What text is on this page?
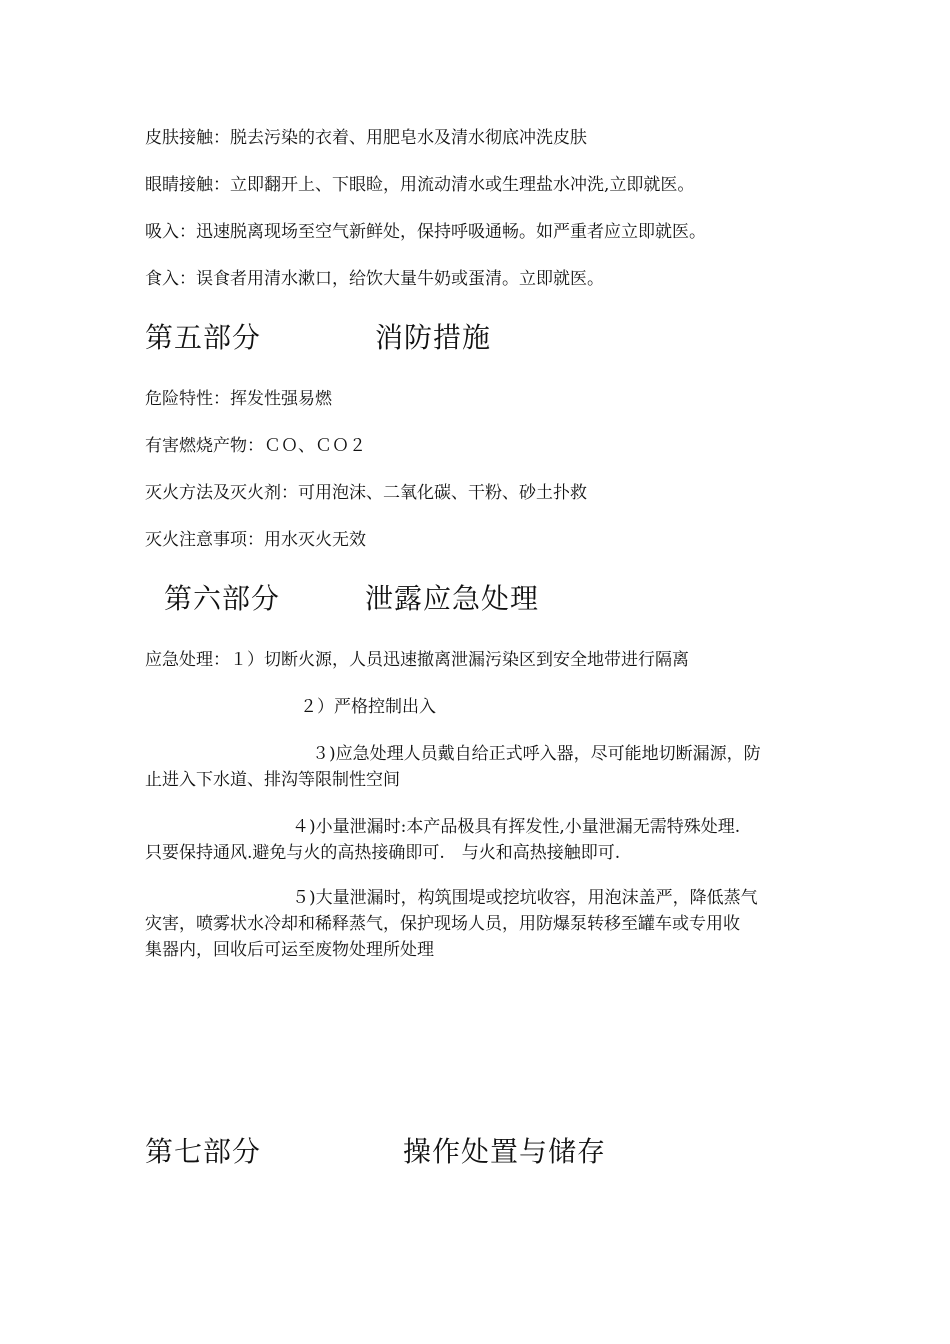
皮肤接触：脱去污染的衣着、用肥皂水及清水彻底冲洗皮肤
眼睛接触：立即翻开上、下眼睑，用流动清水或生理盐水冲洗,立即就医。
吸入：迅速脱离现场至空气新鲜处，保持呼吸通畅。如严重者应立即就医。
食入：误食者用清水漱口，给饮大量牛奶或蛋清。立即就医。
第五部分	消防措施
危险特性：挥发性强易燃
有害燃烧产物：ＣＯ、ＣＯ２
灭火方法及灭火剂：可用泡沫、二氧化碳、干粉、砂土扑救
灭火注意事项：用水灭火无效
第六部分	泄露应急处理
应急处理：１）切断火源，人员迅速撤离泄漏污染区到安全地带进行隔离
２）严格控制出入
３)应急处理人员戴自给正式呼入器，尽可能地切断漏源，防
止进入下水道、排沟等限制性空间
４)小量泄漏时:本产品极具有挥发性,小量泄漏无需特殊处理.
只要保持通风.避免与火的高热接确即可.　与火和高热接触即可.
５)大量泄漏时，构筑围堤或挖坑收容，用泡沫盖严，降低蒸气
灾害，喷雾状水冷却和稀释蒸气，保护现场人员，用防爆泵转移至罐车或专用收
集器内，回收后可运至废物处理所处理
第七部分	操作处置与储存
